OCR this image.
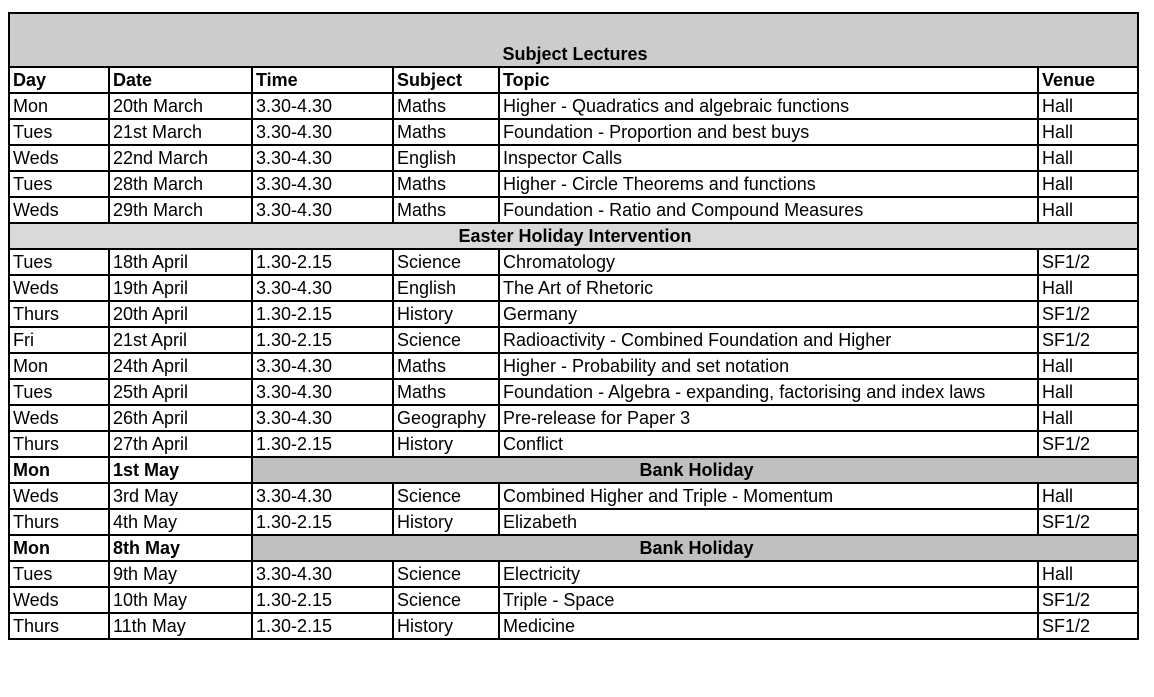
Subject Lectures					
Day	Date	Time	Subject	Topic	Venue
Mon	20th March	3.30-4.30	Maths	Higher - Quadratics and algebraic functions	Hall
Tues	21st March	3.30-4.30	Maths	Foundation - Proportion and best buys	Hall
Weds	22nd March	3.30-4.30	English	Inspector Calls	Hall
Tues	28th March	3.30-4.30	Maths	Higher - Circle Theorems and functions	Hall
Weds	29th March	3.30-4.30	Maths	Foundation - Ratio and Compound Measures	Hall
Easter Holiday Intervention					
Tues	18th April	1.30-2.15	Science	Chromatology	SF1/2
Weds	19th April	3.30-4.30	English	The Art of Rhetoric	Hall
Thurs	20th April	1.30-2.15	History	Germany	SF1/2
Fri	21st April	1.30-2.15	Science	Radioactivity - Combined Foundation and Higher	SF1/2
Mon	24th April	3.30-4.30	Maths	Higher - Probability and set notation	Hall
Tues	25th April	3.30-4.30	Maths	Foundation - Algebra - expanding, factorising and index laws	Hall
Weds	26th April	3.30-4.30	Geography	Pre-release for Paper 3	Hall
Thurs	27th April	1.30-2.15	History	Conflict	SF1/2
Mon	1st May	Bank Holiday			
Weds	3rd May	3.30-4.30	Science	Combined Higher and Triple - Momentum	Hall
Thurs	4th May	1.30-2.15	History	Elizabeth	SF1/2
Mon	8th May	Bank Holiday			
Tues	9th May	3.30-4.30	Science	Electricity	Hall
Weds	10th May	1.30-2.15	Science	Triple - Space	SF1/2
Thurs	11th May	1.30-2.15	History	Medicine	SF1/2
